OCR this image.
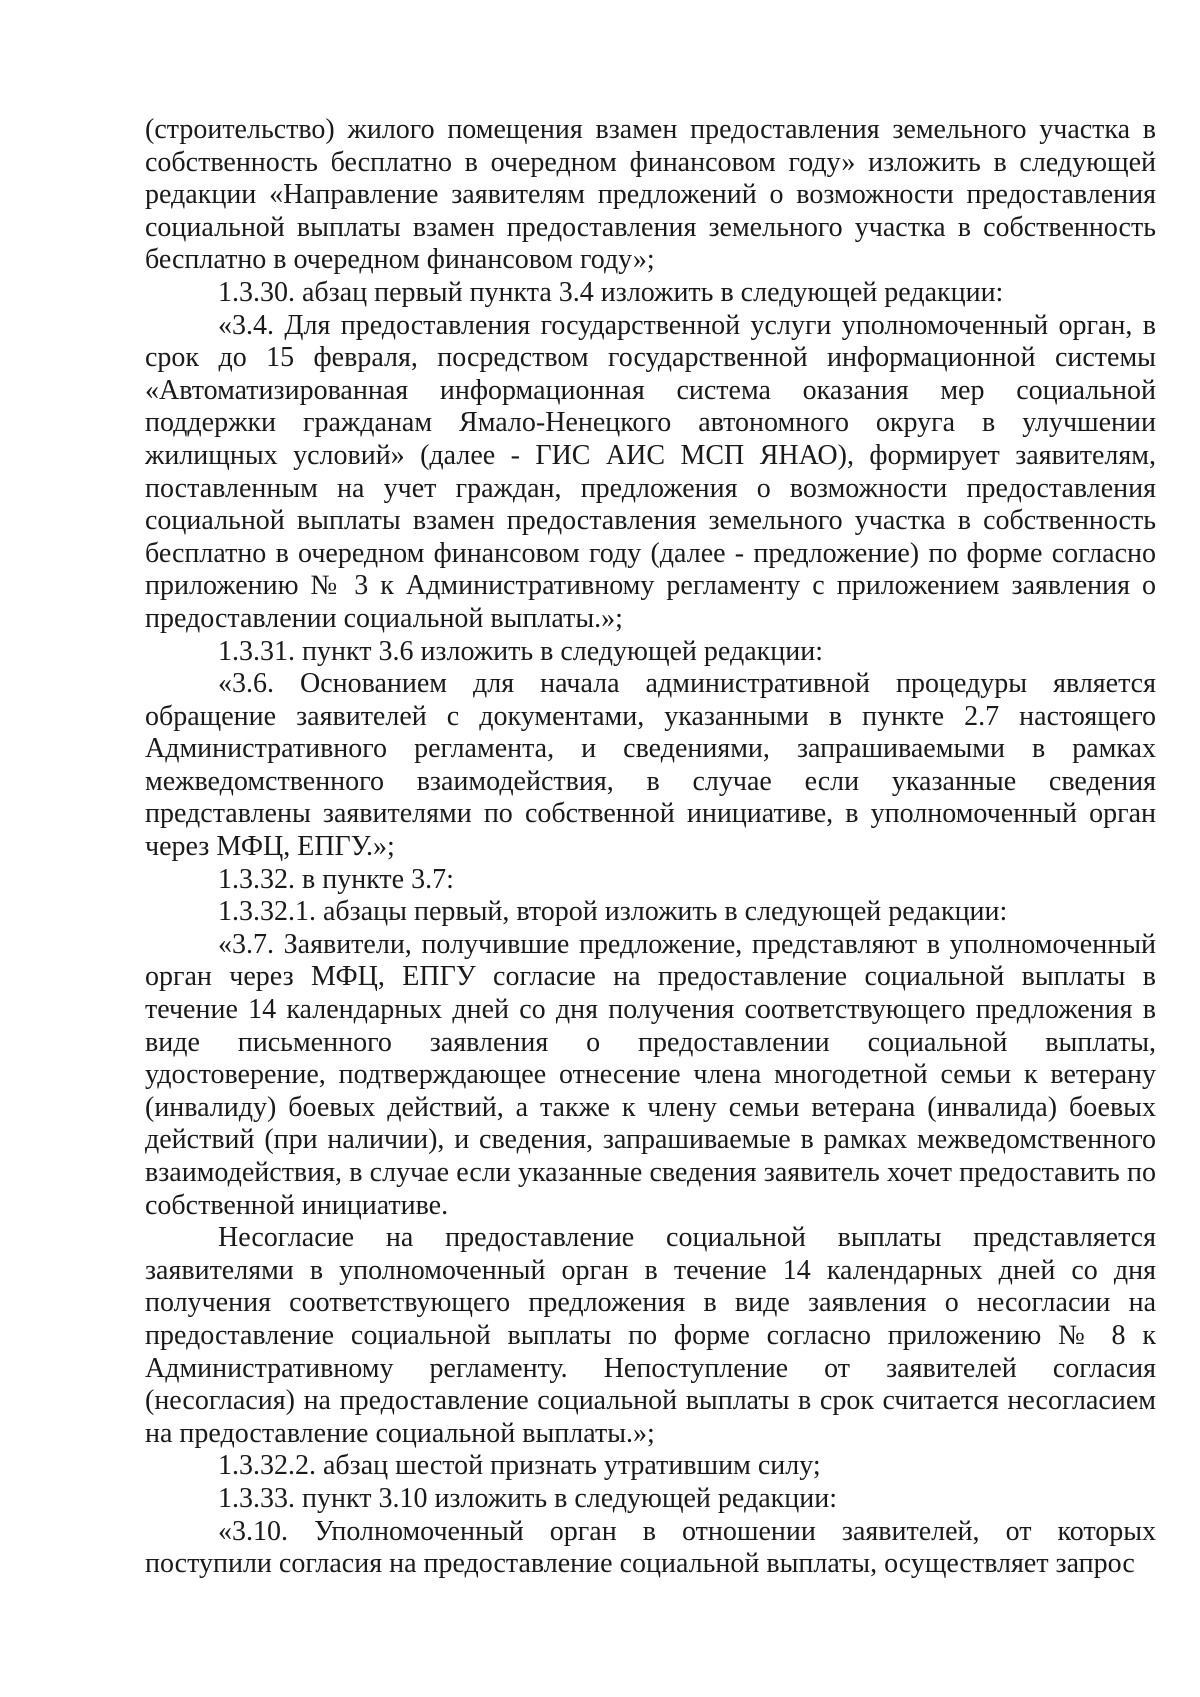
(строительство) жилого помещения взамен предоставления земельного участка в собственность бесплатно в очередном финансовом году» изложить в следующей редакции «Направление заявителям предложений о возможности предоставления социальной выплаты взамен предоставления земельного участка в собственность бесплатно в очередном финансовом году»;

1.3.30. абзац первый пункта 3.4 изложить в следующей редакции:

«3.4. Для предоставления государственной услуги уполномоченный орган, в срок до 15 февраля, посредством государственной информационной системы «Автоматизированная информационная система оказания мер социальной поддержки гражданам Ямало-Ненецкого автономного округа в улучшении жилищных условий» (далее - ГИС АИС МСП ЯНАО), формирует заявителям, поставленным на учет граждан, предложения о возможности предоставления социальной выплаты взамен предоставления земельного участка в собственность бесплатно в очередном финансовом году (далее - предложение) по форме согласно приложению № 3 к Административному регламенту с приложением заявления о предоставлении социальной выплаты.»;

1.3.31. пункт 3.6 изложить в следующей редакции:

«3.6. Основанием для начала административной процедуры является обращение заявителей с документами, указанными в пункте 2.7 настоящего Административного регламента, и сведениями, запрашиваемыми в рамках межведомственного взаимодействия, в случае если указанные сведения представлены заявителями по собственной инициативе, в уполномоченный орган через МФЦ, ЕПГУ.»;

1.3.32. в пункте 3.7:

1.3.32.1. абзацы первый, второй изложить в следующей редакции:

«3.7. Заявители, получившие предложение, представляют в уполномоченный орган через МФЦ, ЕПГУ согласие на предоставление социальной выплаты в течение 14 календарных дней со дня получения соответствующего предложения в виде письменного заявления о предоставлении социальной выплаты, удостоверение, подтверждающее отнесение члена многодетной семьи к ветерану (инвалиду) боевых действий, а также к члену семьи ветерана (инвалида) боевых действий (при наличии), и сведения, запрашиваемые в рамках межведомственного взаимодействия, в случае если указанные сведения заявитель хочет предоставить по собственной инициативе.

Несогласие на предоставление социальной выплаты представляется заявителями в уполномоченный орган в течение 14 календарных дней со дня получения соответствующего предложения в виде заявления о несогласии на предоставление социальной выплаты по форме согласно приложению № 8 к Административному регламенту. Непоступление от заявителей согласия (несогласия) на предоставление социальной выплаты в срок считается несогласием на предоставление социальной выплаты.»;

1.3.32.2. абзац шестой признать утратившим силу;

1.3.33. пункт 3.10 изложить в следующей редакции:

«3.10. Уполномоченный орган в отношении заявителей, от которых поступили согласия на предоставление социальной выплаты, осуществляет запрос
